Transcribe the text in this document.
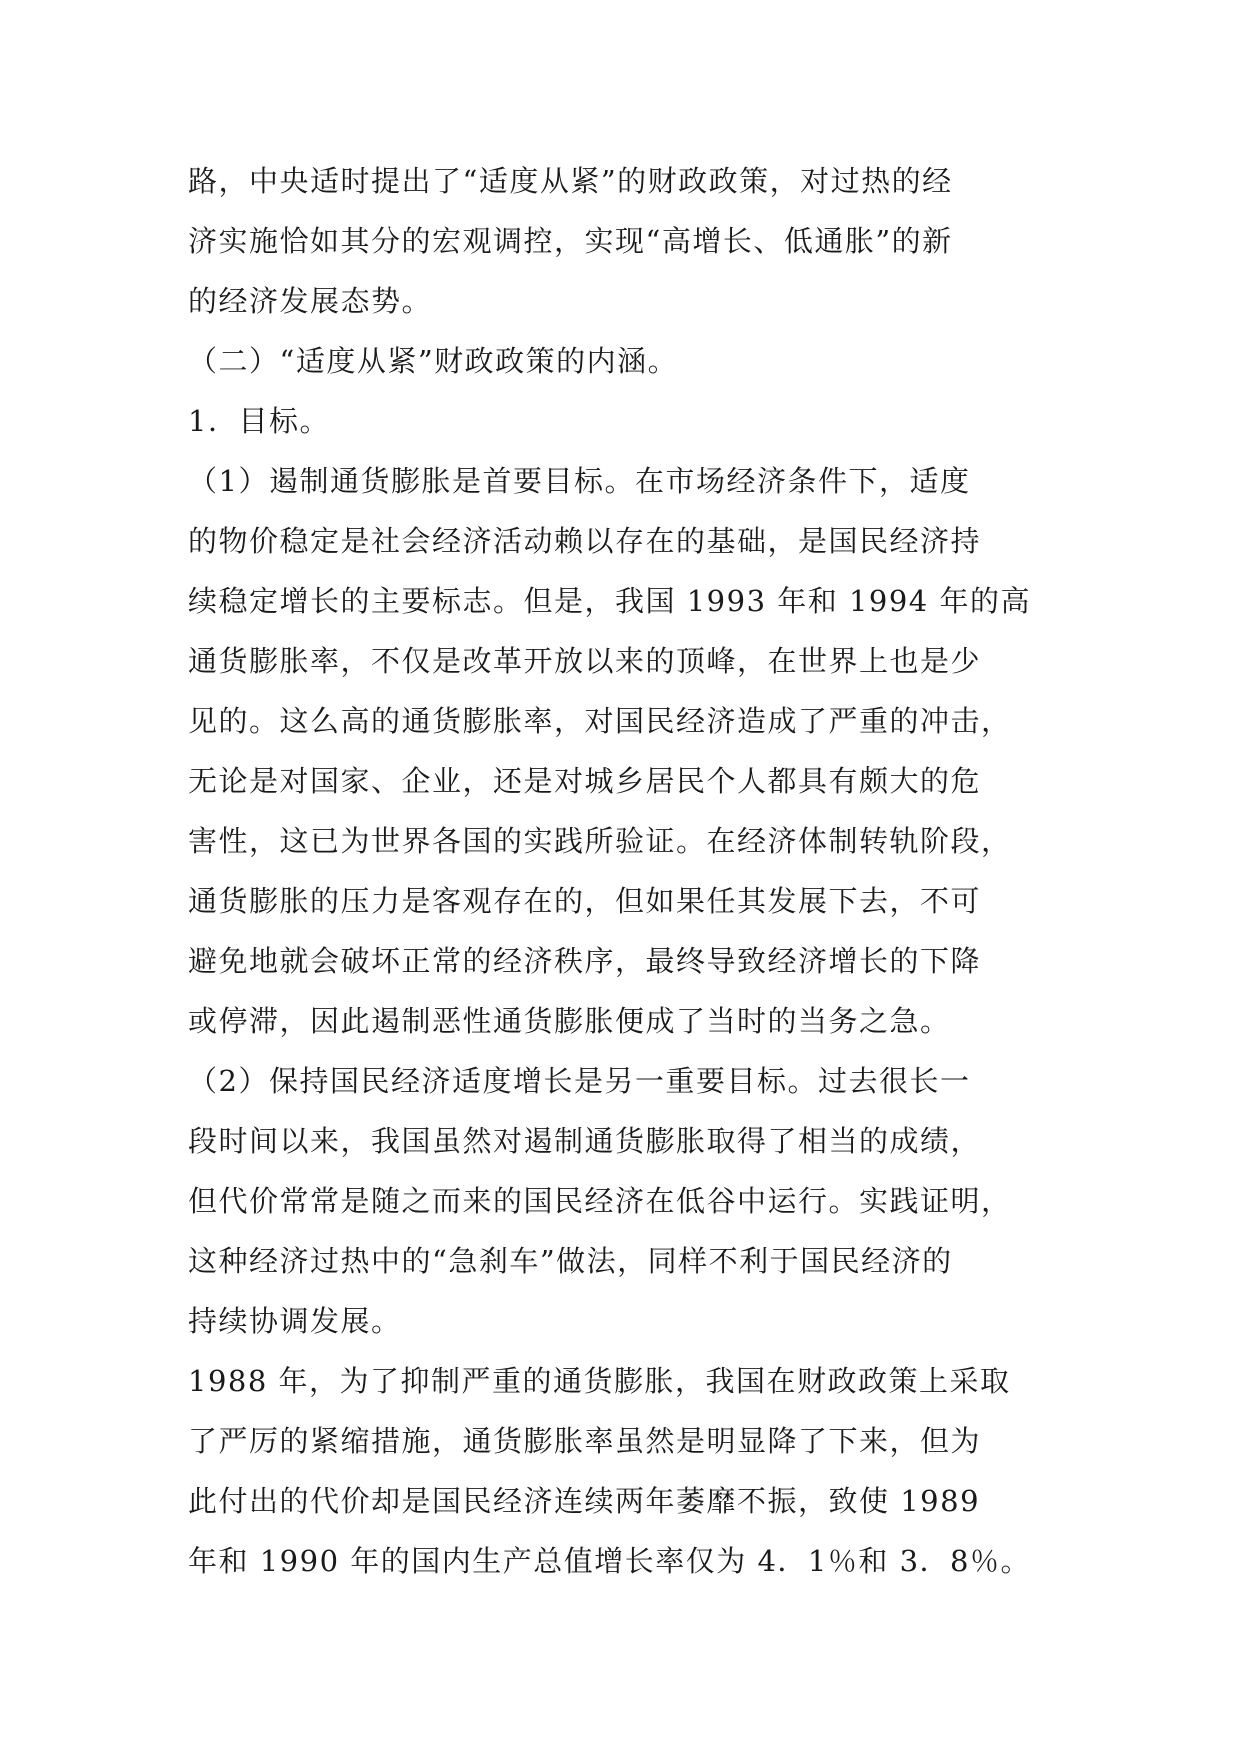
路，中央适时提出了“适度从紧”的财政政策，对过热的经
济实施恰如其分的宏观调控，实现“高增长、低通胀”的新
的经济发展态势。
（二）“适度从紧”财政政策的内涵。
1．目标。
（1）遏制通货膨胀是首要目标。在市场经济条件下，适度
的物价稳定是社会经济活动赖以存在的基础，是国民经济持
续稳定增长的主要标志。但是，我国 1993 年和 1994 年的高
通货膨胀率，不仅是改革开放以来的顶峰，在世界上也是少
见的。这么高的通货膨胀率，对国民经济造成了严重的冲击，
无论是对国家、企业，还是对城乡居民个人都具有颇大的危
害性，这已为世界各国的实践所验证。在经济体制转轨阶段，
通货膨胀的压力是客观存在的，但如果任其发展下去，不可
避免地就会破坏正常的经济秩序，最终导致经济增长的下降
或停滞，因此遏制恶性通货膨胀便成了当时的当务之急。
（2）保持国民经济适度增长是另一重要目标。过去很长一
段时间以来，我国虽然对遏制通货膨胀取得了相当的成绩，
但代价常常是随之而来的国民经济在低谷中运行。实践证明，
这种经济过热中的“急刹车”做法，同样不利于国民经济的
持续协调发展。
1988 年，为了抑制严重的通货膨胀，我国在财政政策上采取
了严厉的紧缩措施，通货膨胀率虽然是明显降了下来，但为
此付出的代价却是国民经济连续两年萎靡不振，致使 1989
年和 1990 年的国内生产总值增长率仅为 4．1％和 3．8％。
